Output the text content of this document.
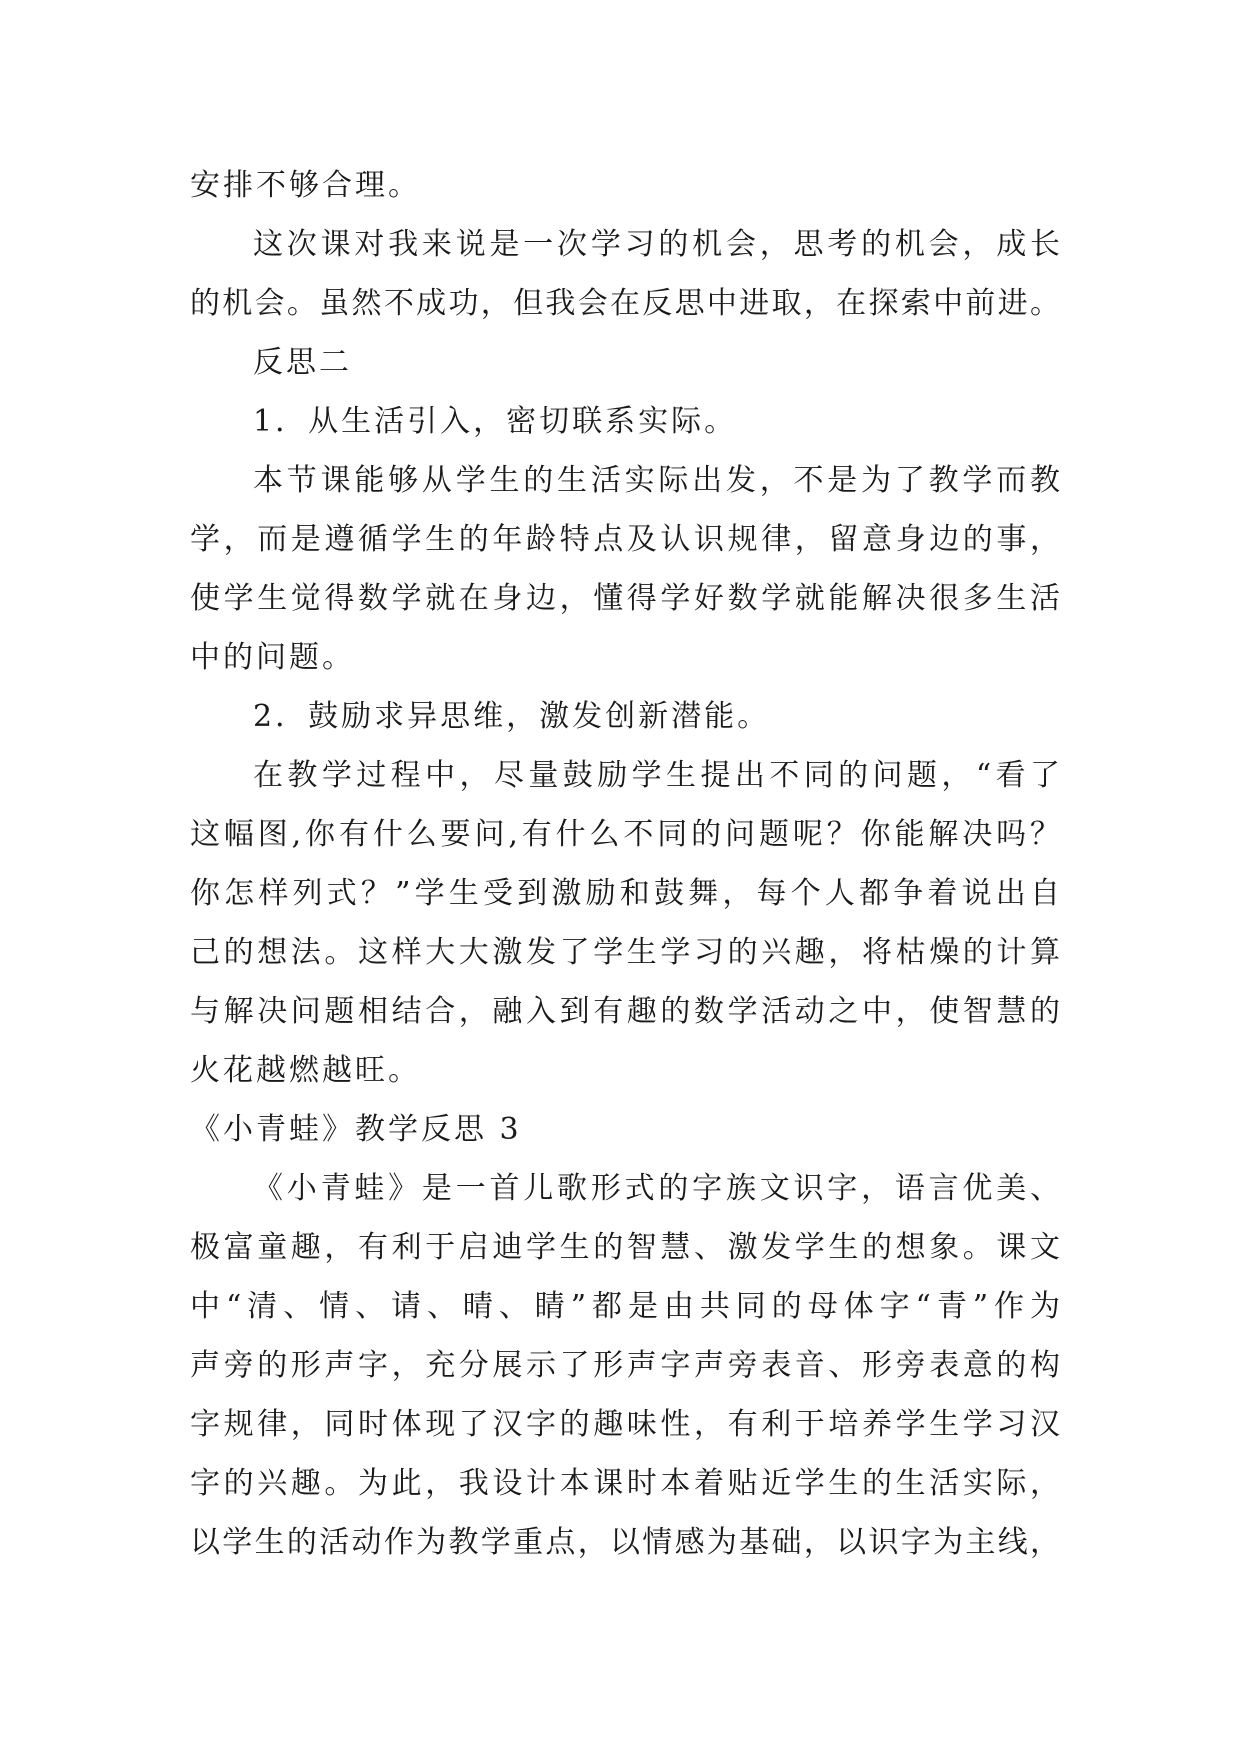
安排不够合理。
这次课对我来说是一次学习的机会，思考的机会，成长
的机会。虽然不成功，但我会在反思中进取，在探索中前进。
反思二
1．从生活引入，密切联系实际。
本节课能够从学生的生活实际出发，不是为了教学而教
学，而是遵循学生的年龄特点及认识规律，留意身边的事，
使学生觉得数学就在身边，懂得学好数学就能解决很多生活
中的问题。
2．鼓励求异思维，激发创新潜能。
在教学过程中，尽量鼓励学生提出不同的问题，“看了
这幅图,你有什么要问,有什么不同的问题呢？你能解决吗？
你怎样列式？”学生受到激励和鼓舞，每个人都争着说出自
己的想法。这样大大激发了学生学习的兴趣，将枯燥的计算
与解决问题相结合，融入到有趣的数学活动之中，使智慧的
火花越燃越旺。
《小青蛙》教学反思 3
《小青蛙》是一首儿歌形式的字族文识字，语言优美、
极富童趣，有利于启迪学生的智慧、激发学生的想象。课文
中“清、情、请、晴、睛”都是由共同的母体字“青”作为
声旁的形声字，充分展示了形声字声旁表音、形旁表意的构
字规律，同时体现了汉字的趣味性，有利于培养学生学习汉
字的兴趣。为此，我设计本课时本着贴近学生的生活实际，
以学生的活动作为教学重点，以情感为基础，以识字为主线，
